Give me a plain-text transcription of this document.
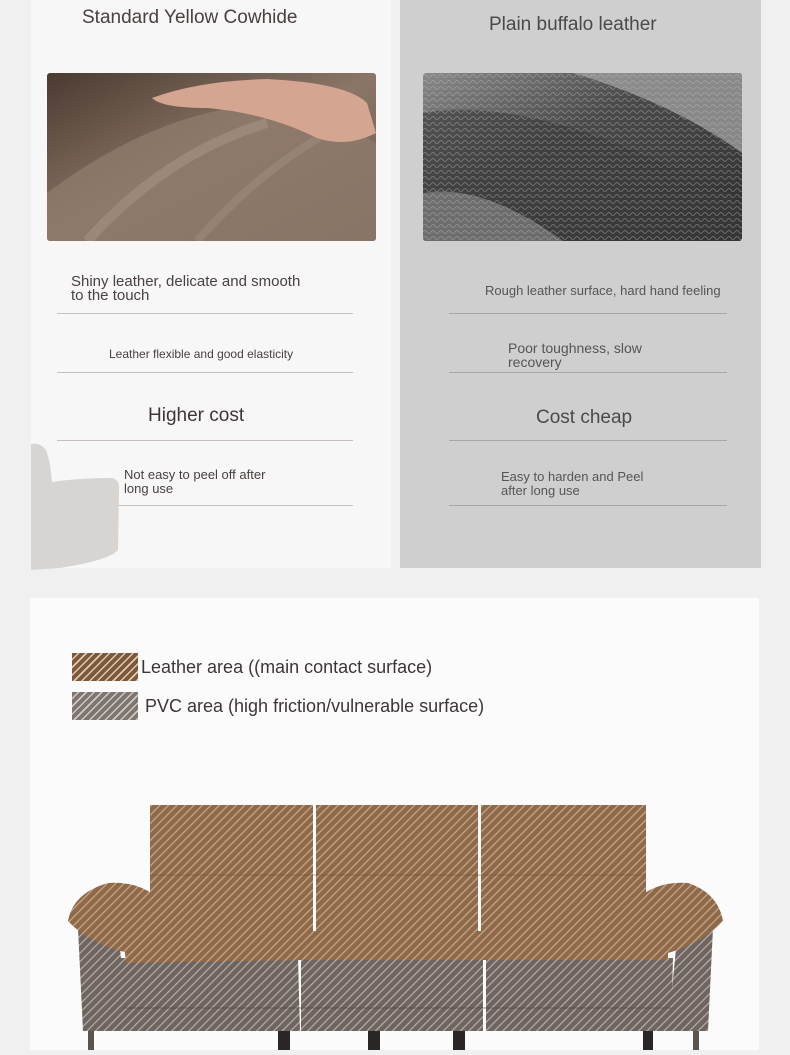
Standard Yellow Cowhide
Shiny leather, delicate and smooth
to the touch
Leather flexible and good elasticity
Higher cost
Not easy to peel off after
long use
Plain buffalo leather
Rough leather surface, hard hand feeling
Poor toughness, slow
recovery
Cost cheap
Easy to harden and Peel
after long use
Leather area ((main contact surface)
PVC area (high friction/vulnerable surface)
